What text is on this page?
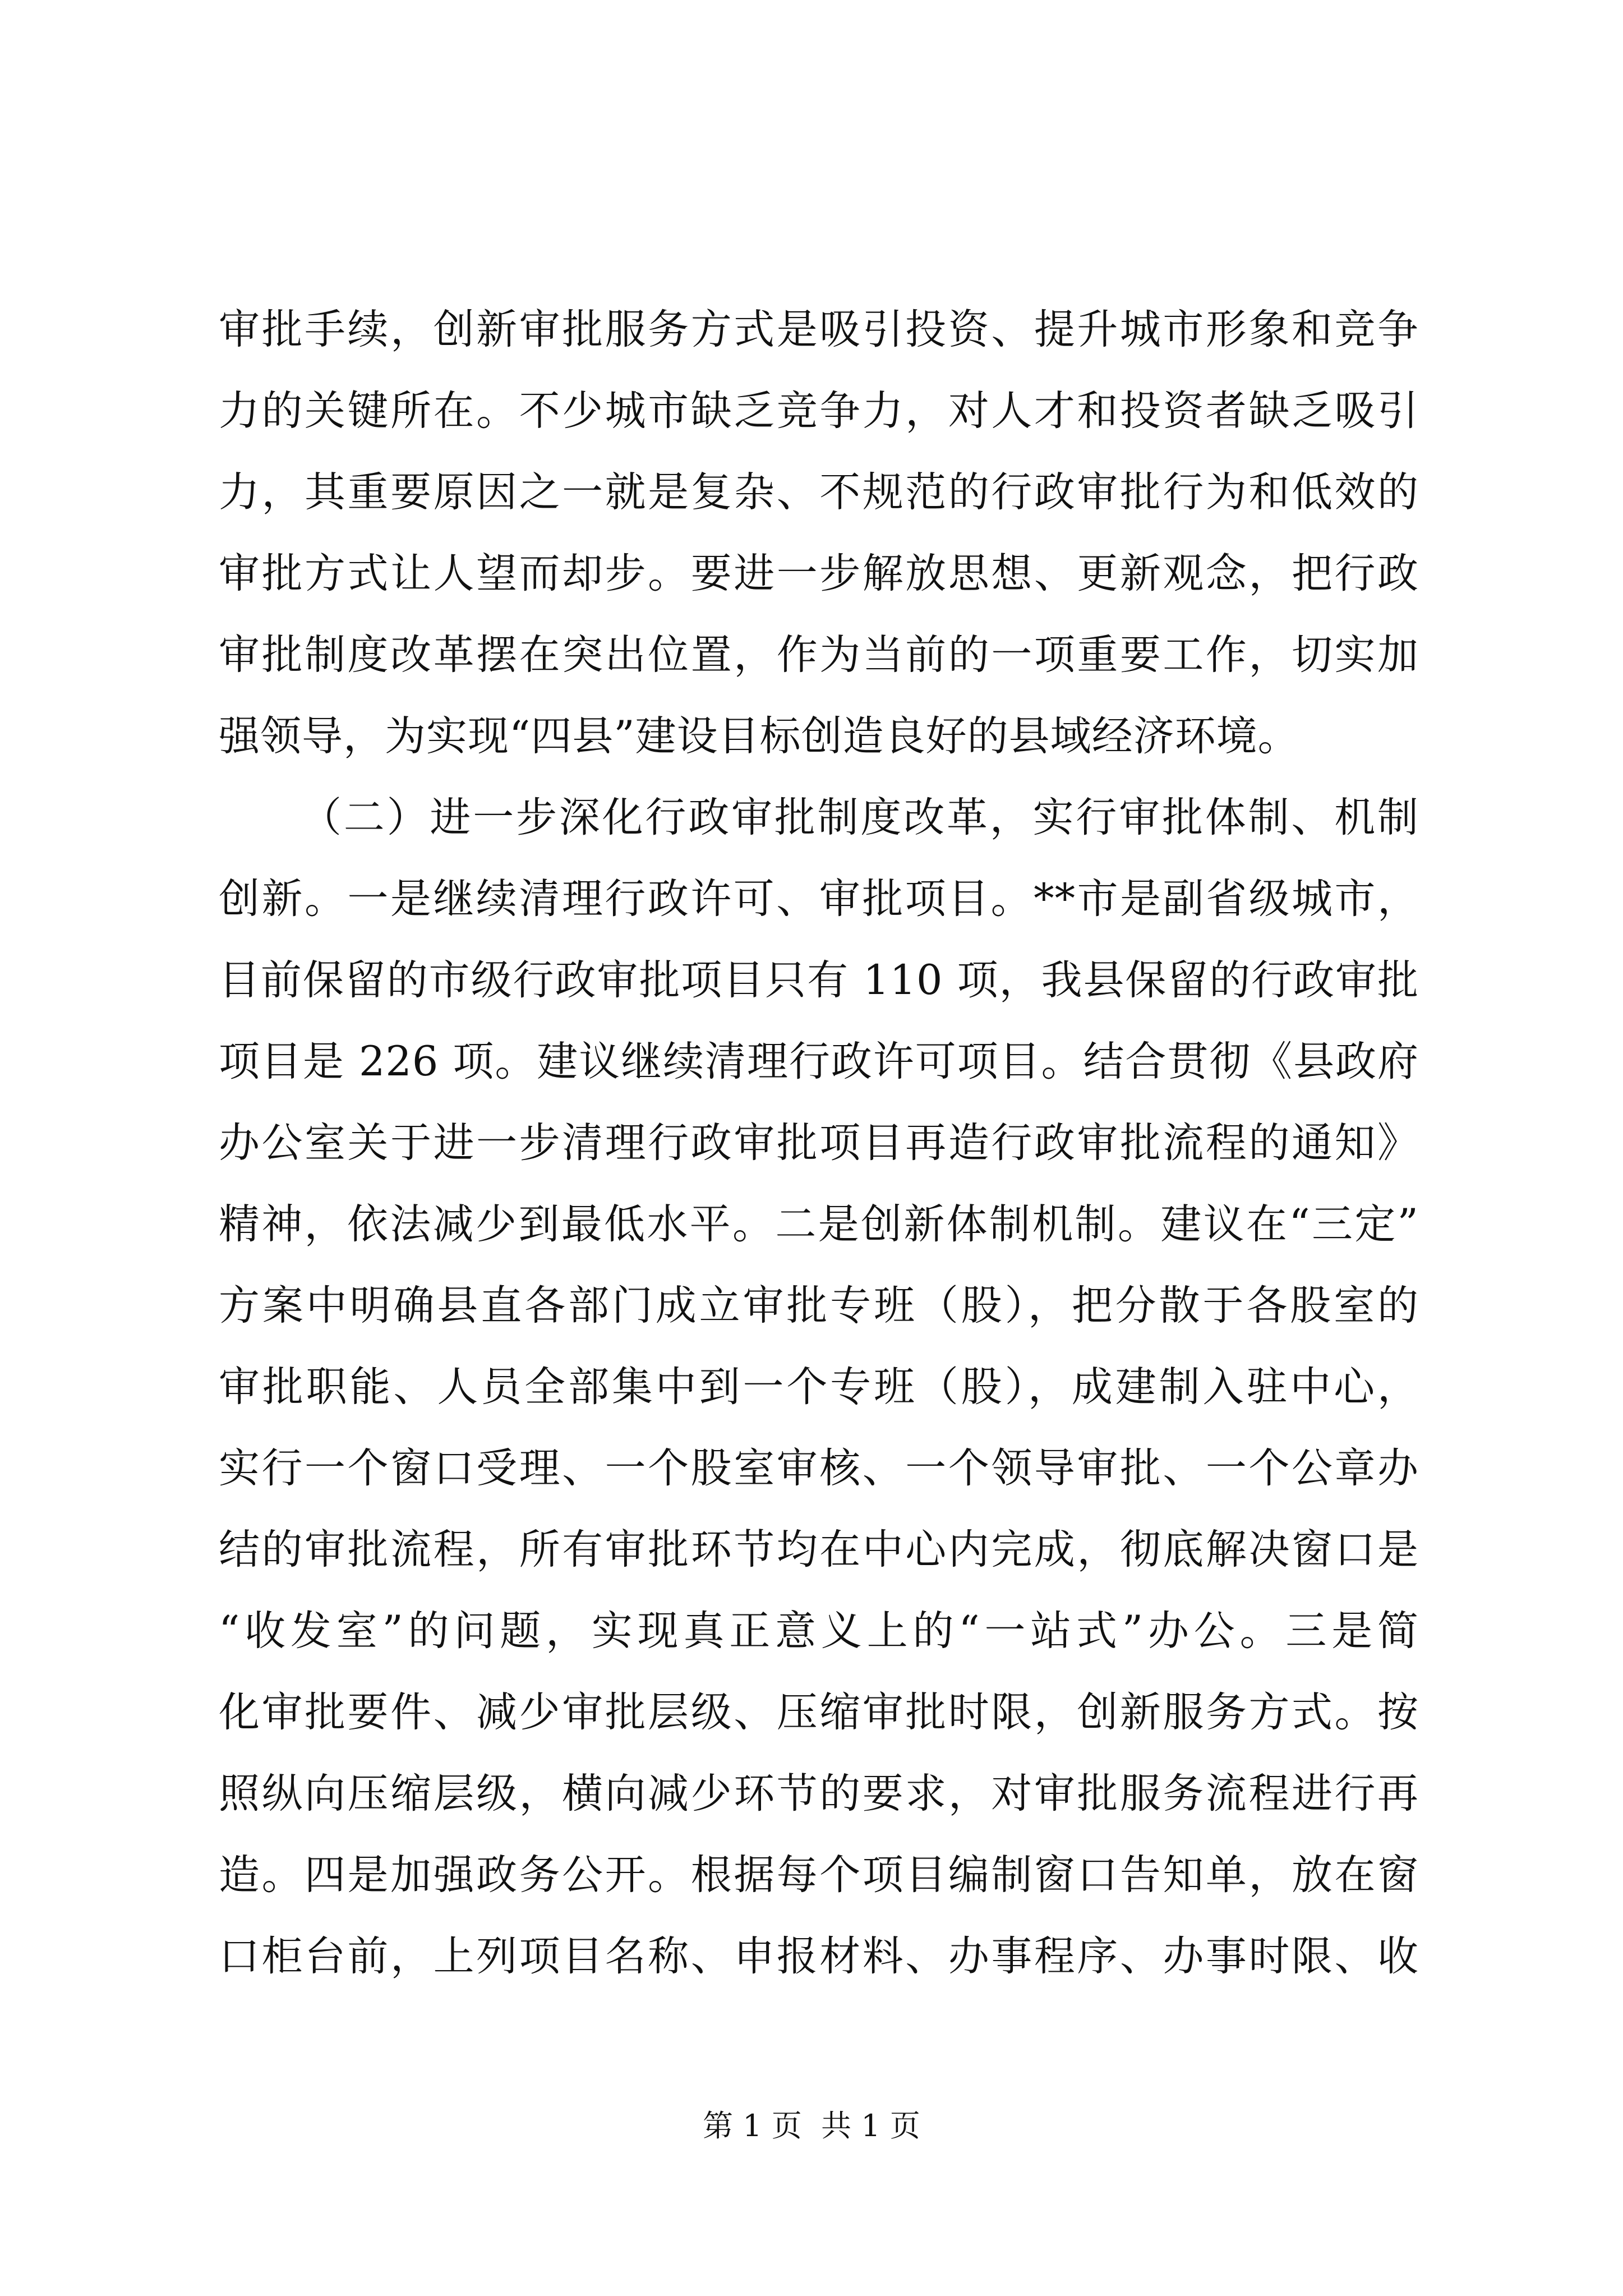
审批手续，创新审批服务方式是吸引投资、提升城市形象和竞争
力的关键所在。不少城市缺乏竞争力，对人才和投资者缺乏吸引
力，其重要原因之一就是复杂、不规范的行政审批行为和低效的
审批方式让人望而却步。要进一步解放思想、更新观念，把行政
审批制度改革摆在突出位置，作为当前的一项重要工作，切实加
强领导，为实现“四县”建设目标创造良好的县域经济环境。
（二）进一步深化行政审批制度改革，实行审批体制、机制
创新。一是继续清理行政许可、审批项目。**市是副省级城市，
目前保留的市级行政审批项目只有 110 项，我县保留的行政审批
项目是 226 项。建议继续清理行政许可项目。结合贯彻《县政府
办公室关于进一步清理行政审批项目再造行政审批流程的通知》
精神，依法减少到最低水平。二是创新体制机制。建议在“三定”
方案中明确县直各部门成立审批专班（股），把分散于各股室的
审批职能、人员全部集中到一个专班（股），成建制入驻中心，
实行一个窗口受理、一个股室审核、一个领导审批、一个公章办
结的审批流程，所有审批环节均在中心内完成，彻底解决窗口是
“收发室”的问题，实现真正意义上的“一站式”办公。三是简
化审批要件、减少审批层级、压缩审批时限，创新服务方式。按
照纵向压缩层级，横向减少环节的要求，对审批服务流程进行再
造。四是加强政务公开。根据每个项目编制窗口告知单，放在窗
口柜台前，上列项目名称、申报材料、办事程序、办事时限、收
第 1 页  共 1 页
